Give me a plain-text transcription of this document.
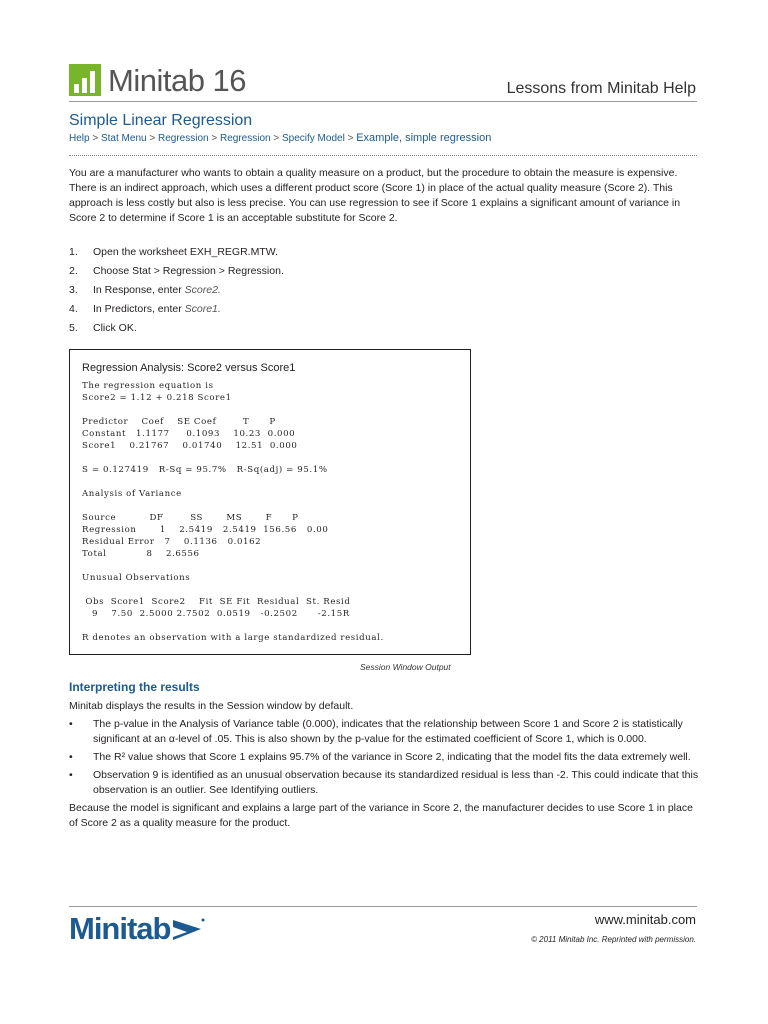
Minitab 16	Lessons from Minitab Help
Simple Linear Regression
Help > Stat Menu > Regression > Regression > Specify Model > Example, simple regression
You are a manufacturer who wants to obtain a quality measure on a product, but the procedure to obtain the measure is expensive. There is an indirect approach, which uses a different product score (Score 1) in place of the actual quality measure (Score 2). This approach is less costly but also is less precise. You can use regression to see if Score 1 explains a significant amount of variance in Score 2 to determine if Score 1 is an acceptable substitute for Score 2.
1.	Open the worksheet EXH_REGR.MTW.
2.	Choose Stat > Regression > Regression.
3.	In Response, enter Score2.
4.	In Predictors, enter Score1.
5.	Click OK.
Regression Analysis: Score2 versus Score1
The regression equation is
Score2 = 1.12 + 0.218 Score1

Predictor    Coef    SE Coef        T      P
Constant   1.1177     0.1093    10.23  0.000
Score1    0.21767    0.01740    12.51  0.000

S = 0.127419   R-Sq = 95.7%   R-Sq(adj) = 95.1%

Analysis of Variance

Source          DF        SS       MS       F      P
Regression       1    2.5419   2.5419  156.56   0.00
Residual Error   7    0.1136   0.0162
Total            8    2.6556

Unusual Observations

Obs  Score1  Score2    Fit  SE Fit  Residual  St. Resid
9    7.50  2.5000 2.7502  0.0519   -0.2502      -2.15R

R denotes an observation with a large standardized residual.
Session Window Output
Interpreting the results

Minitab displays the results in the Session window by default.

•	The p-value in the Analysis of Variance table (0.000), indicates that the relationship between Score 1 and Score 2 is statistically significant at an α-level of .05. This is also shown by the p-value for the estimated coefficient of Score 1, which is 0.000.
•	The R² value shows that Score 1 explains 95.7% of the variance in Score 2, indicating that the model fits the data extremely well.
•	Observation 9 is identified as an unusual observation because its standardized residual is less than -2. This could indicate that this observation is an outlier. See Identifying outliers.

Because the model is significant and explains a large part of the variance in Score 2, the manufacturer decides to use Score 1 in place of Score 2 as a quality measure for the product.

Minitab	www.minitab.com
© 2011 Minitab Inc. Reprinted with permission.
